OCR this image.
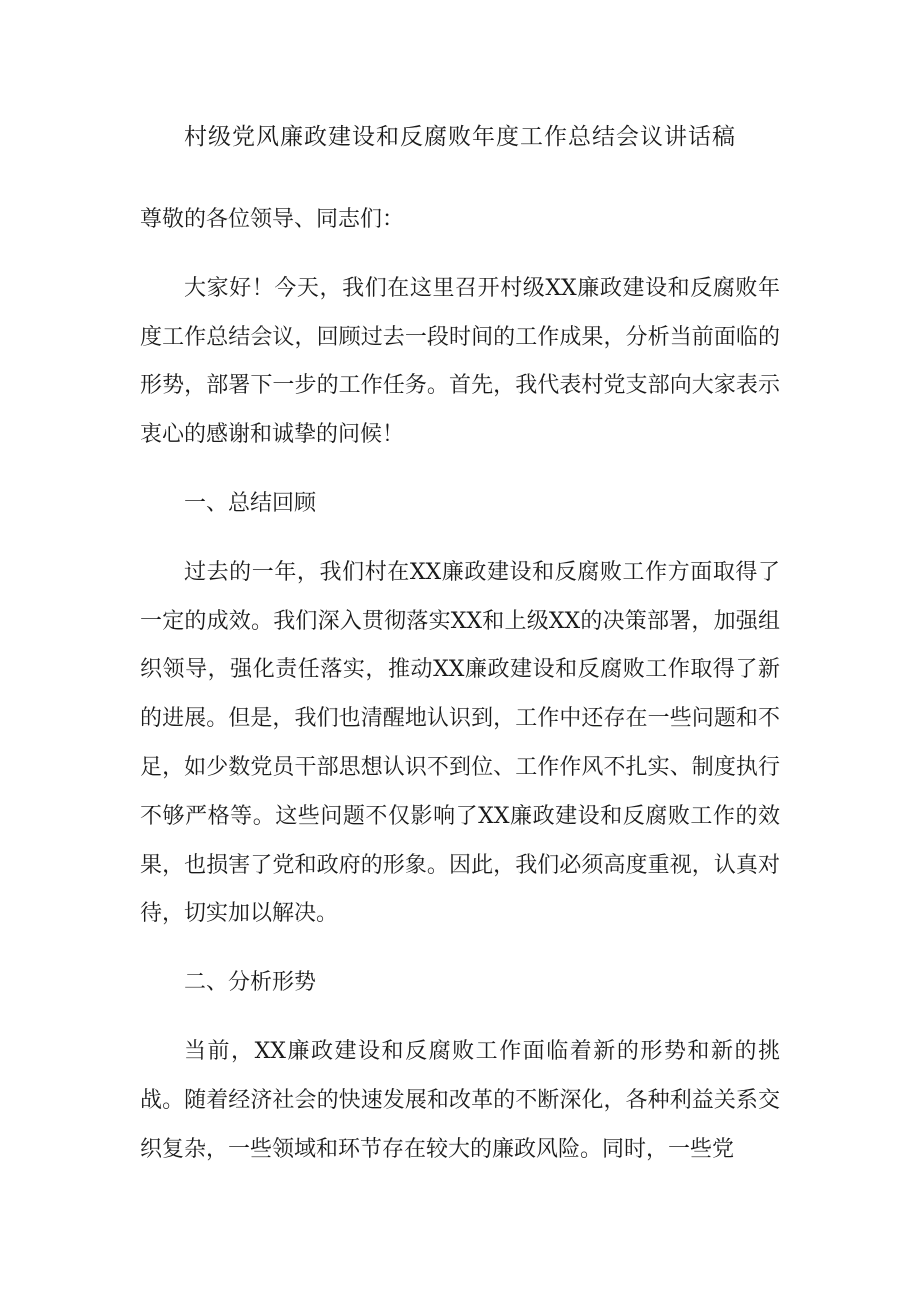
村级党风廉政建设和反腐败年度工作总结会议讲话稿

尊敬的各位领导、同志们：

大家好！今天，我们在这里召开村级XX廉政建设和反腐败年度工作总结会议，回顾过去一段时间的工作成果，分析当前面临的形势，部署下一步的工作任务。首先，我代表村党支部向大家表示衷心的感谢和诚挚的问候！

一、总结回顾

过去的一年，我们村在XX廉政建设和反腐败工作方面取得了一定的成效。我们深入贯彻落实XX和上级XX的决策部署，加强组织领导，强化责任落实，推动XX廉政建设和反腐败工作取得了新的进展。但是，我们也清醒地认识到，工作中还存在一些问题和不足，如少数党员干部思想认识不到位、工作作风不扎实、制度执行不够严格等。这些问题不仅影响了XX廉政建设和反腐败工作的效果，也损害了党和政府的形象。因此，我们必须高度重视，认真对待，切实加以解决。

二、分析形势

当前，XX廉政建设和反腐败工作面临着新的形势和新的挑战。随着经济社会的快速发展和改革的不断深化，各种利益关系交织复杂，一些领域和环节存在较大的廉政风险。同时，一些党
